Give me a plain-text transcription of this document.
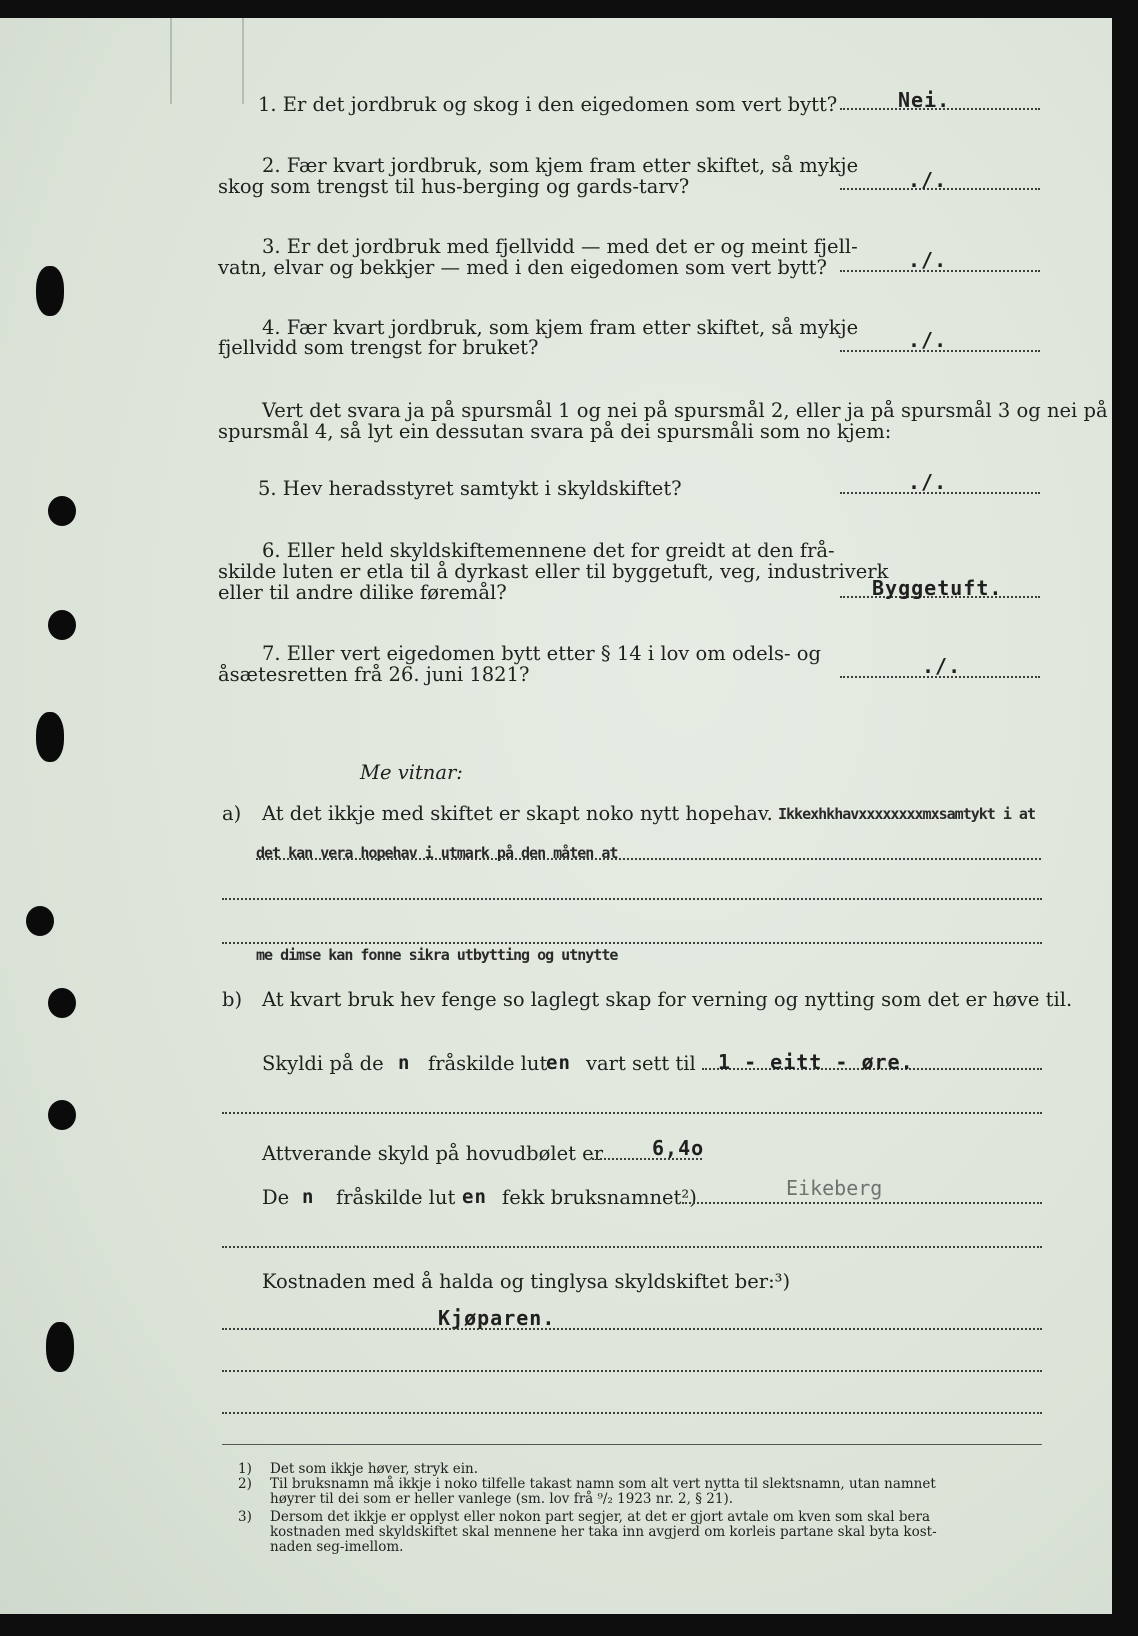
1. Er det jordbruk og skog i den eigedomen som vert bytt?	Nei.
2. Fær kvart jordbruk, som kjem fram etter skiftet, så mykje
skog som trengst til hus-berging og gards-tarv?	./.
3. Er det jordbruk med fjellvidd — med det er og meint fjell-
vatn, elvar og bekkjer — med i den eigedomen som vert bytt?	./.
4. Fær kvart jordbruk, som kjem fram etter skiftet, så mykje
fjellvidd som trengst for bruket?	./.
Vert det svara ja på spursmål 1 og nei på spursmål 2, eller ja på spursmål 3 og nei på
spursmål 4, så lyt ein dessutan svara på dei spursmåli som no kjem:
5. Hev heradsstyret samtykt i skyldskiftet?	./.
6. Eller held skyldskiftemennene det for greidt at den frå-
skilde luten er etla til å dyrkast eller til byggetuft, veg, industriverk
eller til andre dilike føremål?	Byggetuft.
7. Eller vert eigedomen bytt etter § 14 i lov om odels- og
åsætesretten frå 26. juni 1821?	./.
Me vitnar:
a) At det ikkje med skiftet er skapt noko nytt hopehav. Ikkexhkhavxxxxxxxxmxsamtykt i at
det kan vera hopehav i utmark på den måten at
me dimse kan fonne sikra utbytting og utnytte
b) At kvart bruk hev fenge so laglegt skap for verning og nytting som det er høve til.
Skyldi på de n fråskilde lut
en vart sett til 1 - eitt - øre.
Attverande skyld på hovudbølet er 6,4o
De n fråskilde lut en fekk bruksnamnet²)	Eikeberg
Kostnaden med å halda og tinglysa skyldskiftet ber:³)
Kjøparen.
1) Det som ikkje høver, stryk ein.
2) Til bruksnamn må ikkje i noko tilfelle takast namn som alt vert nytta til slektsnamn, utan namnet
høyrer til dei som er heller vanlege (sm. lov frå ⁹/₂ 1923 nr. 2, § 21).
3) Dersom det ikkje er opplyst eller nokon part segjer, at det er gjort avtale om kven som skal bera
kostnaden med skyldskiftet skal mennene her taka inn avgjerd om korleis partane skal byta kost-
naden seg-imellom.
